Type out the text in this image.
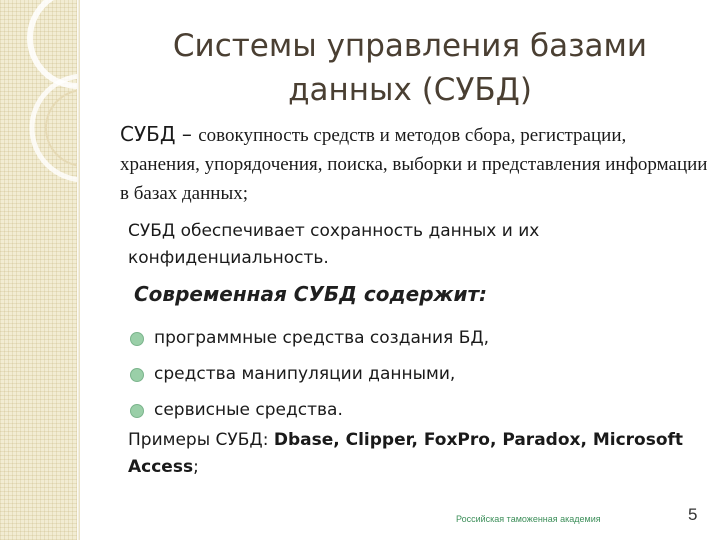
Системы управления базами
данных (СУБД)
СУБД – совокупность средств и методов сбора, регистрации, хранения, упорядочения, поиска, выборки и представления информации в базах данных;
СУБД обеспечивает сохранность данных и их конфиденциальность.
Современная СУБД содержит:
программные средства создания БД,
средства манипуляции данными,
сервисные средства.
Примеры СУБД: Dbase, Clipper, FoxPro, Paradox, Microsoft Access;
Российская таможенная академия	5
